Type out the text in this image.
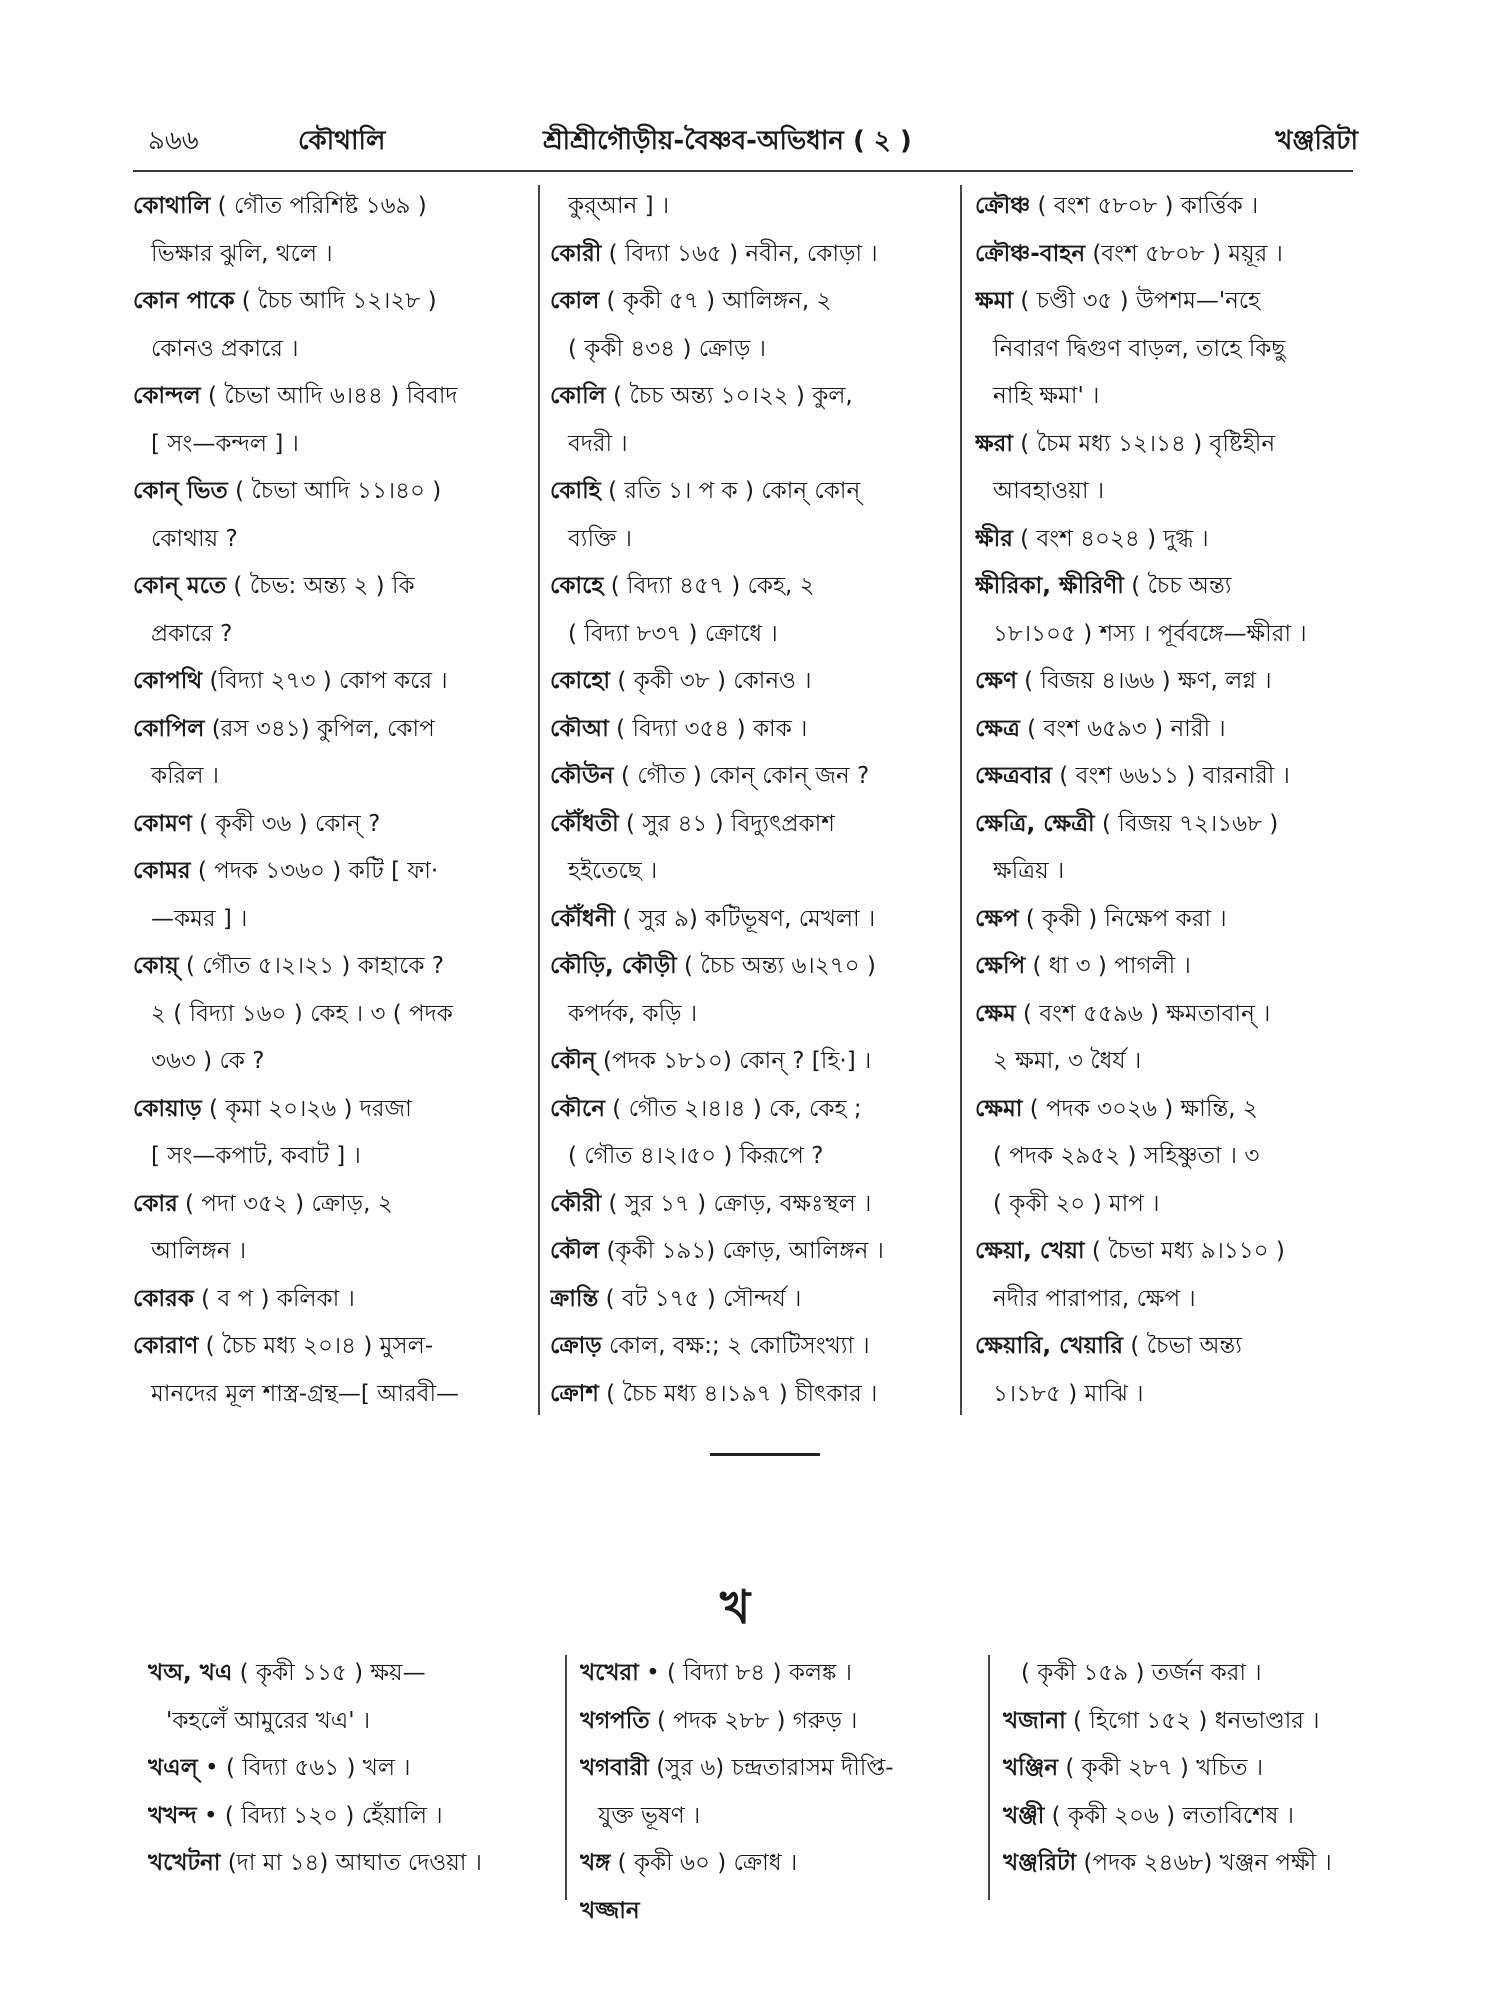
৯৬৬	কৌথালি	শ্রীশ্রীগৌড়ীয়-বৈষ্ণব-অভিধান ( ২ )	খঞ্জরিটা
কোথালি ( গৌত পরিশিষ্ট ১৬৯ )
ভিক্ষার ঝুলি, থলে ।
কোন পাকে ( চৈচ আদি ১২।২৮ )
কোনও প্রকারে ।
কোন্দল ( চৈভা আদি ৬।৪৪ ) বিবাদ
[ সং—কন্দল ] ।
কোন্ ভিত ( চৈভা আদি ১১।৪০ )
কোথায় ?
কোন্ মতে ( চৈভ: অন্ত্য ২ ) কি
প্রকারে ?
কোপথি (বিদ্যা ২৭৩ ) কোপ করে ।
কোপিল (রস ৩৪১) কুপিল, কোপ
করিল ।
কোমণ ( কৃকী ৩৬ ) কোন্ ?
কোমর ( পদক ১৩৬০ ) কটি [ ফা·
—কমর ] ।
কোয়্ ( গৌত ৫।২।২১ ) কাহাকে ?
২ ( বিদ্যা ১৬০ ) কেহ । ৩ ( পদক
৩৬৩ ) কে ?
কোয়াড় ( কৃমা ২০।২৬ ) দরজা
[ সং—কপাট, কবাট ] ।
কোর ( পদা ৩৫২ ) ক্রোড়, ২
আলিঙ্গন ।
কোরক ( ব প ) কলিকা ।
কোরাণ ( চৈচ মধ্য ২০।৪ ) মুসল-
মানদের মূল শাস্ত্র-গ্রন্থ—[ আরবী—
কুর্‌আন ] ।
কোরী ( বিদ্যা ১৬৫ ) নবীন, কোড়া ।
কোল ( কৃকী ৫৭ ) আলিঙ্গন, ২
( কৃকী ৪৩৪ ) ক্রোড় ।
কোলি ( চৈচ অন্ত্য ১০।২২ ) কুল,
বদরী ।
কোহি ( রতি ১। প ক ) কোন্ কোন্
ব্যক্তি ।
কোহে ( বিদ্যা ৪৫৭ ) কেহ, ২
( বিদ্যা ৮৩৭ ) ক্রোধে ।
কোহো ( কৃকী ৩৮ ) কোনও ।
কৌআ ( বিদ্যা ৩৫৪ ) কাক ।
কৌউন ( গৌত ) কোন্ কোন্ জন ?
কৌঁধতী ( সুর ৪১ ) বিদ্যুৎপ্রকাশ
হইতেছে ।
কৌঁধনী ( সুর ৯) কটিভূষণ, মেখলা ।
কৌড়ি, কৌড়ী ( চৈচ অন্ত্য ৬।২৭০ )
কপর্দক, কড়ি ।
কৌন্ (পদক ১৮১০) কোন্ ? [হি·] ।
কৌনে ( গৌত ২।৪।৪ ) কে, কেহ ;
( গৌত ৪।২।৫০ ) কিরূপে ?
কৌরী ( সুর ১৭ ) ক্রোড়, বক্ষঃস্থল ।
কৌল (কৃকী ১৯১) ক্রোড়, আলিঙ্গন ।
ক্রান্তি ( বট ১৭৫ ) সৌন্দর্য ।
ক্রোড় কোল, বক্ষ:; ২ কোটিসংখ্যা ।
ক্রোশ ( চৈচ মধ্য ৪।১৯৭ ) চীৎকার ।
ক্রৌঞ্চ ( বংশ ৫৮০৮ ) কার্ত্তিক ।
ক্রৌঞ্চ-বাহন (বংশ ৫৮০৮ ) ময়ূর ।
ক্ষমা ( চণ্ডী ৩৫ ) উপশম—'নহে
নিবারণ দ্বিগুণ বাড়ল, তাহে কিছু
নাহি ক্ষমা' ।
ক্ষরা ( চৈম মধ্য ১২।১৪ ) বৃষ্টিহীন
আবহাওয়া ।
ক্ষীর ( বংশ ৪০২৪ ) দুগ্ধ ।
ক্ষীরিকা, ক্ষীরিণী ( চৈচ অন্ত্য
১৮।১০৫ ) শস্য । পূর্ববঙ্গে—ক্ষীরা ।
ক্ষেণ ( বিজয় ৪।৬৬ ) ক্ষণ, লগ্ন ।
ক্ষেত্র ( বংশ ৬৫৯৩ ) নারী ।
ক্ষেত্রবার ( বংশ ৬৬১১ ) বারনারী ।
ক্ষেত্রি, ক্ষেত্রী ( বিজয় ৭২।১৬৮ )
ক্ষত্রিয় ।
ক্ষেপ ( কৃকী ) নিক্ষেপ করা ।
ক্ষেপি ( ধা ৩ ) পাগলী ।
ক্ষেম ( বংশ ৫৫৯৬ ) ক্ষমতাবান্ ।
২ ক্ষমা, ৩ ধৈর্য ।
ক্ষেমা ( পদক ৩০২৬ ) ক্ষান্তি, ২
( পদক ২৯৫২ ) সহিষ্ণুতা । ৩
( কৃকী ২০ ) মাপ ।
ক্ষেয়া, খেয়া ( চৈভা মধ্য ৯।১১০ )
নদীর পারাপার, ক্ষেপ ।
ক্ষেয়ারি, খেয়ারি ( চৈভা অন্ত্য
১।১৮৫ ) মাঝি ।
খ
খঅ, খএ ( কৃকী ১১৫ ) ক্ষয়—
'কহলেঁ আমুরের খএ' ।
খএল্ • ( বিদ্যা ৫৬১ ) খল ।
খখন্দ • ( বিদ্যা ১২০ ) হেঁয়ালি ।
খখেটনা (দা মা ১৪) আঘাত দেওয়া ।
খখেরা • ( বিদ্যা ৮৪ ) কলঙ্ক ।
খগপতি ( পদক ২৮৮ ) গরুড় ।
খগবারী (সুর ৬) চন্দ্রতারাসম দীপ্তি-
যুক্ত ভূষণ ।
খঙ্গ ( কৃকী ৬০ ) ক্রোধ ।
খজ্জান
( কৃকী ১৫৯ ) তর্জন করা ।
খজানা ( হিগো ১৫২ ) ধনভাণ্ডার ।
খঞ্জিন ( কৃকী ২৮৭ ) খচিত ।
খঞ্জী ( কৃকী ২০৬ ) লতাবিশেষ ।
খঞ্জরিটা (পদক ২৪৬৮) খঞ্জন পক্ষী ।
